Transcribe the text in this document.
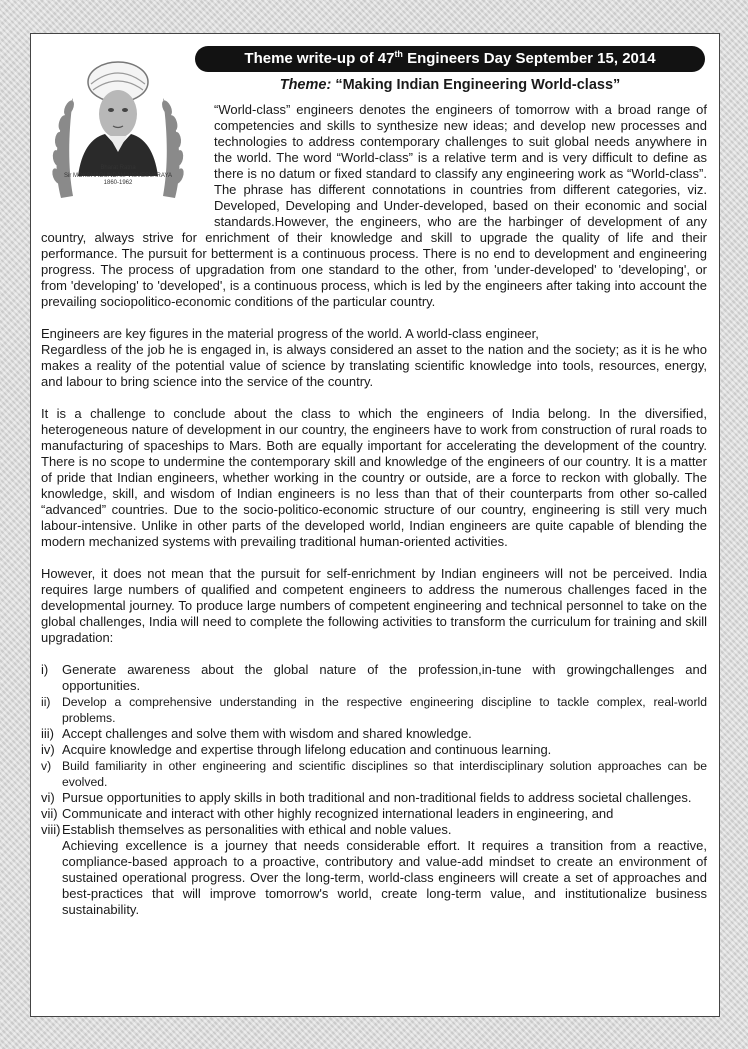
Bharat Ratna
Sir MOKSHAGUNDAM VISVESVARAYA
1860-1962
Theme write-up of 47th Engineers Day September 15, 2014
Theme: “Making Indian Engineering World-class”

“World-class” engineers denotes the engineers of tomorrow with a broad range of competencies and skills to synthesize new ideas; and develop new processes and technologies to address contemporary challenges to suit global needs anywhere in the world. The word “World-class” is a relative term and is very difficult to define as there is no datum or fixed standard to classify any engineering work as “World-class”. The phrase has different connotations in countries from different categories, viz. Developed, Developing and Under-developed, based on their economic and social standards.However, the engineers, who are the harbinger of development of any country, always strive for enrichment of their knowledge and skill to upgrade the quality of life and their performance. The pursuit for betterment is a continuous process. There is no end to development and engineering progress. The process of upgradation from one standard to the other, from 'under-developed' to 'developing', or from 'developing' to 'developed', is a continuous process, which is led by the engineers after taking into account the prevailing sociopolitico-economic conditions of the particular country.

Engineers are key figures in the material progress of the world. A world-class engineer,

Regardless of the job he is engaged in, is always considered an asset to the nation and the society; as it is he who makes a reality of the potential value of science by translating scientific knowledge into tools, resources, energy, and labour to bring science into the service of the country.

It is a challenge to conclude about the class to which the engineers of India belong. In the diversified, heterogeneous nature of development in our country, the engineers have to work from construction of rural roads to manufacturing of spaceships to Mars. Both are equally important for accelerating the development of the country. There is no scope to undermine the contemporary skill and knowledge of the engineers of our country. It is a matter of pride that Indian engineers, whether working in the country or outside, are a force to reckon with globally. The knowledge, skill, and wisdom of Indian engineers is no less than that of their counterparts from other so-called “advanced” countries. Due to the socio-politico-economic structure of our country, engineering is still very much labour-intensive. Unlike in other parts of the developed world, Indian engineers are quite capable of blending the modern mechanized systems with prevailing traditional human-oriented activities.

However, it does not mean that the pursuit for self-enrichment by Indian engineers will not be perceived. India requires large numbers of qualified and competent engineers to address the numerous challenges faced in the developmental journey. To produce large numbers of competent engineering and technical personnel to take on the global challenges, India will need to complete the following activities to transform the curriculum for training and skill upgradation:

i) Generate awareness about the global nature of the profession,in-tune with growingchallenges and opportunities.
ii) Develop a comprehensive understanding in the respective engineering discipline to tackle complex, real-world problems.
iii) Accept challenges and solve them with wisdom and shared knowledge.
iv) Acquire knowledge and expertise through lifelong education and continuous learning.
v) Build familiarity in other engineering and scientific disciplines so that interdisciplinary solution approaches can be evolved.
vi) Pursue opportunities to apply skills in both traditional and non-traditional fields to address societal challenges.
vii) Communicate and interact with other highly recognized international leaders in engineering, and
viii) Establish themselves as personalities with ethical and noble values.

Achieving excellence is a journey that needs considerable effort. It requires a transition from a reactive, compliance-based approach to a proactive, contributory and value-add mindset to create an environment of sustained operational progress. Over the long-term, world-class engineers will create a set of approaches and best-practices that will improve tomorrow's world, create long-term value, and institutionalize business sustainability.
